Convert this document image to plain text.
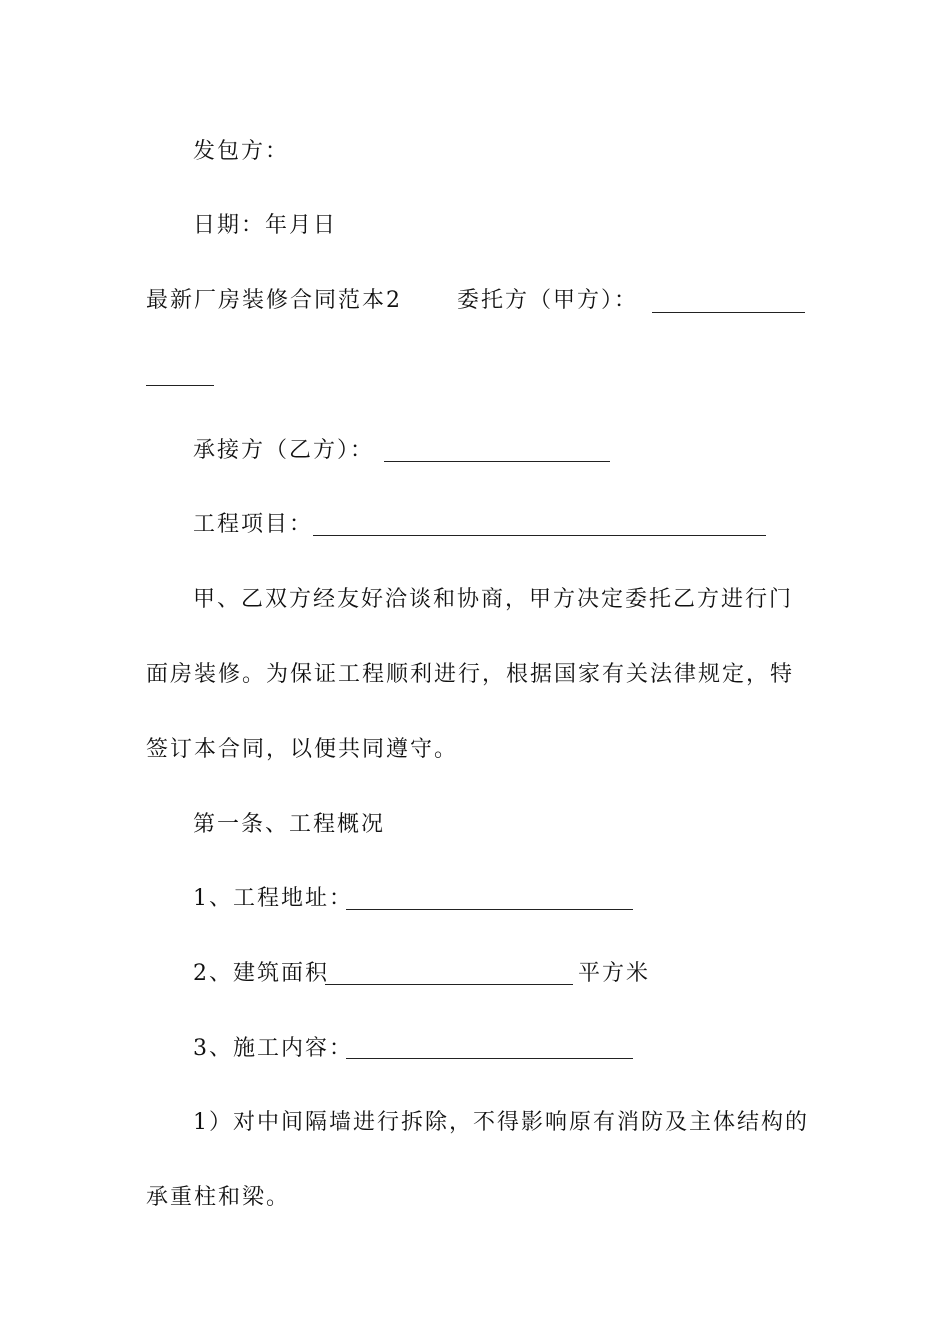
发包方：
日期：年月日
最新厂房装修合同范本2	委托方（甲方）：
承接方（乙方）：
工程项目：
甲、乙双方经友好洽谈和协商，甲方决定委托乙方进行门
面房装修。为保证工程顺利进行，根据国家有关法律规定，特
签订本合同，以便共同遵守。
第一条、工程概况
1、工程地址：
2、建筑面积	平方米
3、施工内容：
1）对中间隔墙进行拆除，不得影响原有消防及主体结构的
承重柱和梁。
